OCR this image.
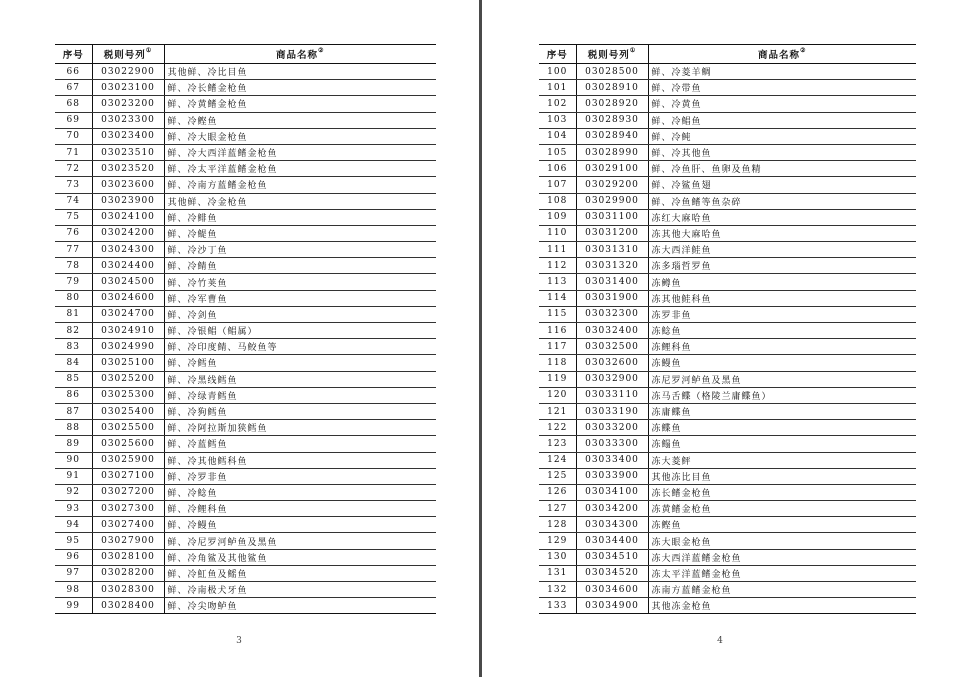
序号	税则号列①	商品名称②
66	03022900	其他鲜、冷比目鱼
67	03023100	鲜、冷长鳍金枪鱼
68	03023200	鲜、冷黄鳍金枪鱼
69	03023300	鲜、冷鲣鱼
70	03023400	鲜、冷大眼金枪鱼
71	03023510	鲜、冷大西洋蓝鳍金枪鱼
72	03023520	鲜、冷太平洋蓝鳍金枪鱼
73	03023600	鲜、冷南方蓝鳍金枪鱼
74	03023900	其他鲜、冷金枪鱼
75	03024100	鲜、冷鲱鱼
76	03024200	鲜、冷鳀鱼
77	03024300	鲜、冷沙丁鱼
78	03024400	鲜、冷鲭鱼
79	03024500	鲜、冷竹荚鱼
80	03024600	鲜、冷军曹鱼
81	03024700	鲜、冷剑鱼
82	03024910	鲜、冷银鲳（鲳属）
83	03024990	鲜、冷印度鲭、马鲛鱼等
84	03025100	鲜、冷鳕鱼
85	03025200	鲜、冷黑线鳕鱼
86	03025300	鲜、冷绿青鳕鱼
87	03025400	鲜、冷狗鳕鱼
88	03025500	鲜、冷阿拉斯加狭鳕鱼
89	03025600	鲜、冷蓝鳕鱼
90	03025900	鲜、冷其他鳕科鱼
91	03027100	鲜、冷罗非鱼
92	03027200	鲜、冷鲶鱼
93	03027300	鲜、冷鲤科鱼
94	03027400	鲜、冷鳗鱼
95	03027900	鲜、冷尼罗河鲈鱼及黑鱼
96	03028100	鲜、冷角鲨及其他鲨鱼
97	03028200	鲜、冷魟鱼及鳐鱼
98	03028300	鲜、冷南极犬牙鱼
99	03028400	鲜、冷尖吻鲈鱼
3
序号	税则号列①	商品名称②
100	03028500	鲜、冷菱羊鲷
101	03028910	鲜、冷带鱼
102	03028920	鲜、冷黄鱼
103	03028930	鲜、冷鲳鱼
104	03028940	鲜、冷鲀
105	03028990	鲜、冷其他鱼
106	03029100	鲜、冷鱼肝、鱼卵及鱼精
107	03029200	鲜、冷鲨鱼翅
108	03029900	鲜、冷鱼鳍等鱼杂碎
109	03031100	冻红大麻哈鱼
110	03031200	冻其他大麻哈鱼
111	03031310	冻大西洋鲑鱼
112	03031320	冻多瑙哲罗鱼
113	03031400	冻鳟鱼
114	03031900	冻其他鲑科鱼
115	03032300	冻罗非鱼
116	03032400	冻鲶鱼
117	03032500	冻鲤科鱼
118	03032600	冻鳗鱼
119	03032900	冻尼罗河鲈鱼及黑鱼
120	03033110	冻马舌鲽（格陵兰庸鲽鱼）
121	03033190	冻庸鲽鱼
122	03033200	冻鲽鱼
123	03033300	冻鳎鱼
124	03033400	冻大菱鲆
125	03033900	其他冻比目鱼
126	03034100	冻长鳍金枪鱼
127	03034200	冻黄鳍金枪鱼
128	03034300	冻鲣鱼
129	03034400	冻大眼金枪鱼
130	03034510	冻大西洋蓝鳍金枪鱼
131	03034520	冻太平洋蓝鳍金枪鱼
132	03034600	冻南方蓝鳍金枪鱼
133	03034900	其他冻金枪鱼
4
